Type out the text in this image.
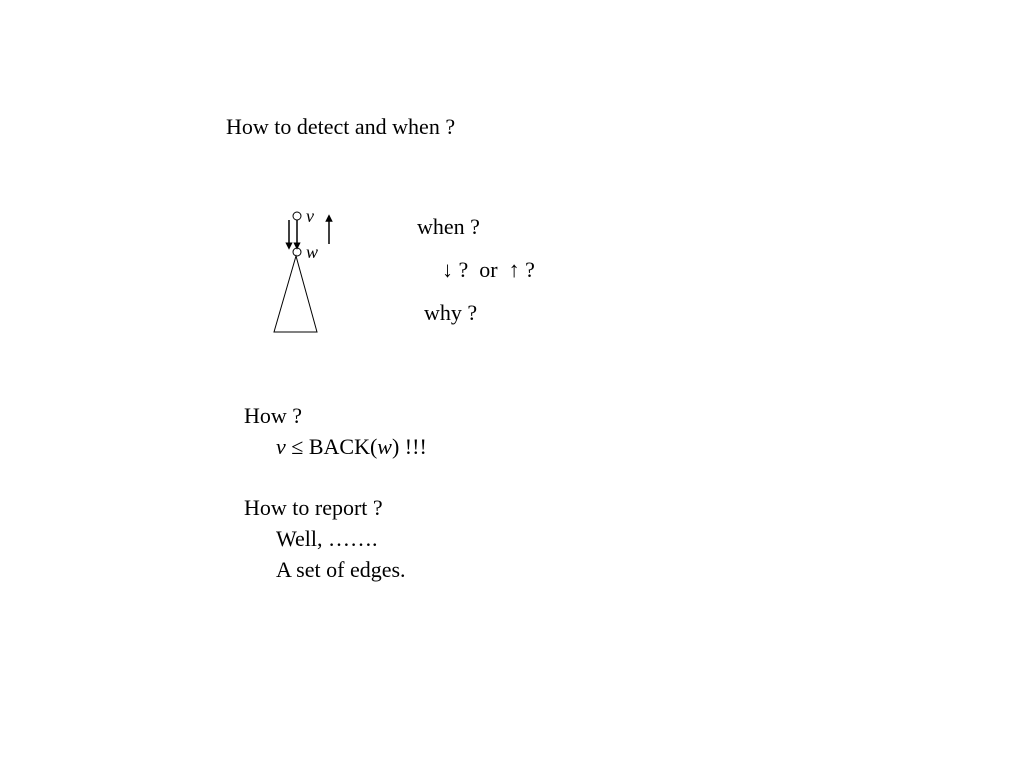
How to detect and when ?
v
w
when ?
↓ ? or ↑ ?
why ?
How ?
v ≤ BACK(w) !!!
How to report ?
Well, …….
A set of edges.
